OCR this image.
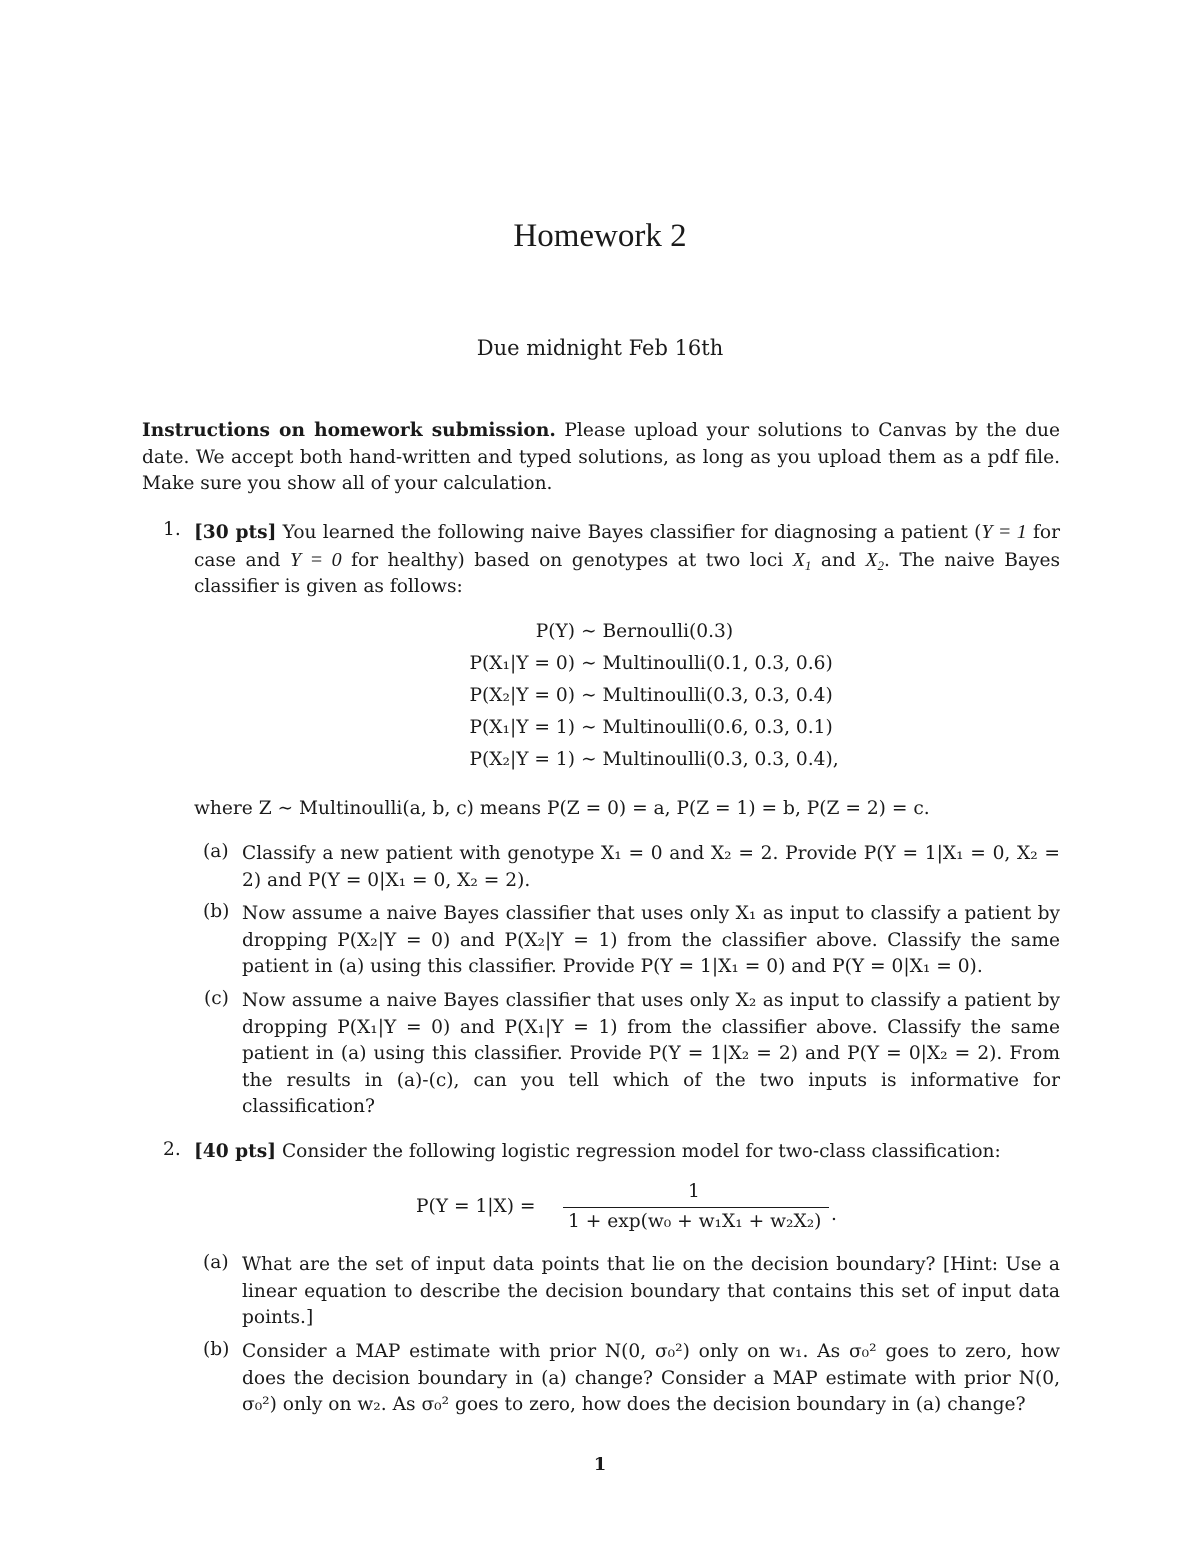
Homework 2
Due midnight Feb 16th
Instructions on homework submission. Please upload your solutions to Canvas by the due date. We accept both hand-written and typed solutions, as long as you upload them as a pdf file. Make sure you show all of your calculation.
1. [30 pts] You learned the following naive Bayes classifier for diagnosing a patient (Y = 1 for case and Y = 0 for healthy) based on genotypes at two loci $X_1$ and $X_2$. The naive Bayes classifier is given as follows:
P(Y) ∼ Bernoulli(0.3)
P(X₁|Y = 0) ∼ Multinoulli(0.1, 0.3, 0.6)
P(X₂|Y = 0) ∼ Multinoulli(0.3, 0.3, 0.4)
P(X₁|Y = 1) ∼ Multinoulli(0.6, 0.3, 0.1)
P(X₂|Y = 1) ∼ Multinoulli(0.3, 0.3, 0.4),
where Z ∼ Multinoulli(a, b, c) means P(Z = 0) = a, P(Z = 1) = b, P(Z = 2) = c.
(a) Classify a new patient with genotype X₁ = 0 and X₂ = 2. Provide P(Y = 1|X₁ = 0, X₂ = 2) and P(Y = 0|X₁ = 0, X₂ = 2).
(b) Now assume a naive Bayes classifier that uses only X₁ as input to classify a patient by dropping P(X₂|Y = 0) and P(X₂|Y = 1) from the classifier above. Classify the same patient in (a) using this classifier. Provide P(Y = 1|X₁ = 0) and P(Y = 0|X₁ = 0).
(c) Now assume a naive Bayes classifier that uses only X₂ as input to classify a patient by dropping P(X₁|Y = 0) and P(X₁|Y = 1) from the classifier above. Classify the same patient in (a) using this classifier. Provide P(Y = 1|X₂ = 2) and P(Y = 0|X₂ = 2). From the results in (a)-(c), can you tell which of the two inputs is informative for classification?
2. [40 pts] Consider the following logistic regression model for two-class classification:
P(Y = 1|X) =
1
1 + exp(w₀ + w₁X₁ + w₂X₂) .
(a) What are the set of input data points that lie on the decision boundary? [Hint: Use a linear equation to describe the decision boundary that contains this set of input data points.]
(b) Consider a MAP estimate with prior N(0, σ₀²) only on w₁. As σ₀² goes to zero, how does the decision boundary in (a) change? Consider a MAP estimate with prior N(0, σ₀²) only on w₂. As σ₀² goes to zero, how does the decision boundary in (a) change?
1
